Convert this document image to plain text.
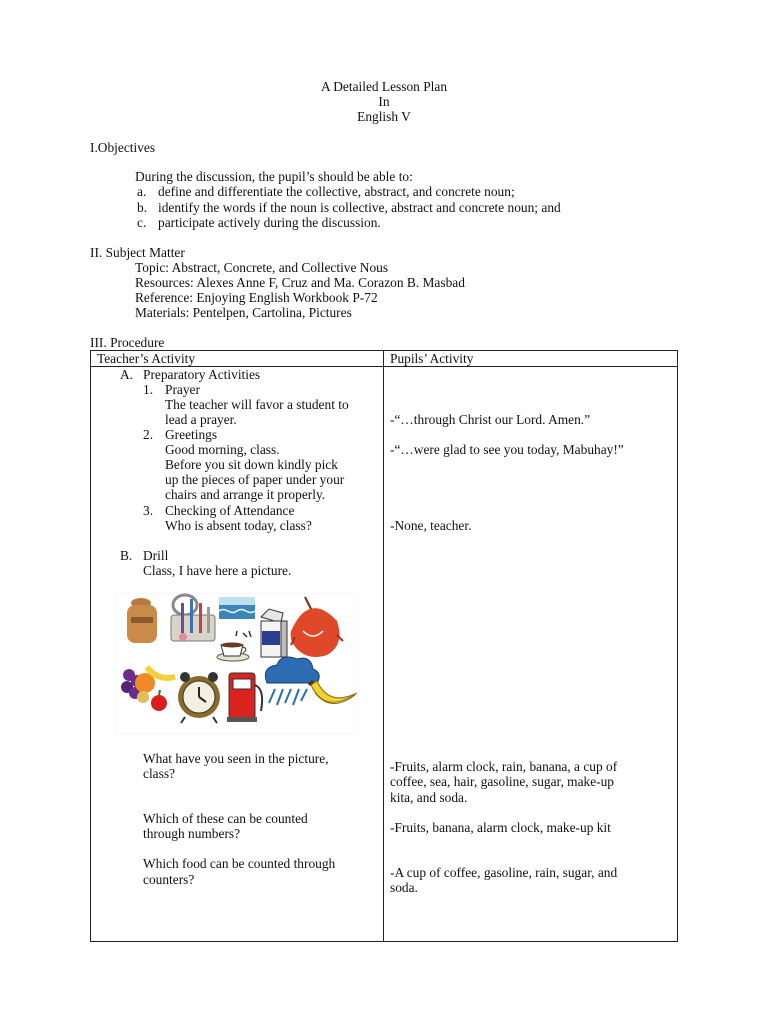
A Detailed Lesson Plan
In
English V
I.Objectives
During the discussion, the pupil’s should be able to:
a. define and differentiate the collective, abstract, and concrete noun;
b. identify the words if the noun is collective, abstract and concrete noun; and
c. participate actively during the discussion.
II. Subject Matter
Topic: Abstract, Concrete, and Collective Nous
Resources: Alexes Anne F, Cruz and Ma. Corazon B. Masbad
Reference: Enjoying English Workbook P-72
Materials: Pentelpen, Cartolina, Pictures
III. Procedure
Teacher’s Activity	Pupils’ Activity
A. Preparatory Activities
1. Prayer
The teacher will favor a student to
lead a prayer.
2. Greetings
Good morning, class.
Before you sit down kindly pick
up the pieces of paper under your
chairs and arrange it properly.
3. Checking of Attendance
Who is absent today, class?
B. Drill
Class, I have here a picture.
What have you seen in the picture,
class?
Which of these can be counted
through numbers?
Which food can be counted through
counters?
-“…through Christ our Lord. Amen.”
-“…were glad to see you today, Mabuhay!”
-None, teacher.
-Fruits, alarm clock, rain, banana, a cup of
coffee, sea, hair, gasoline, sugar, make-up
kita, and soda.
-Fruits, banana, alarm clock, make-up kit
-A cup of coffee, gasoline, rain, sugar, and
soda.
